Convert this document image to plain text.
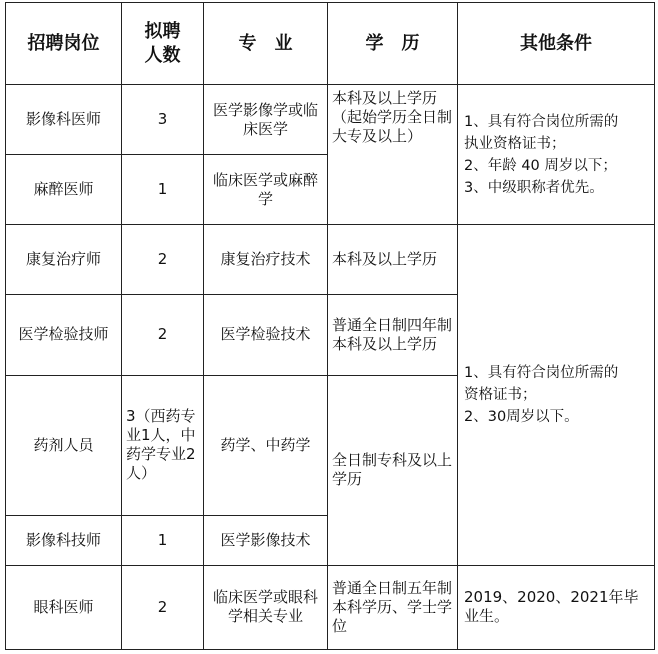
招聘岗位	拟聘人数	专　业	学　历	其他条件
影像科医师	3	医学影像学或临床医学	本科及以上学历（起始学历全日制大专及以上）	1、具有符合岗位所需的
执业资格证书；
2、年龄 40 周岁以下；
3、中级职称者优先。

麻醉医师	1	临床医学或麻醉学		
康复治疗师	2	康复治疗技术	本科及以上学历	1、具有符合岗位所需的
资格证书；
2、30周岁以下。

医学检验技师	2	医学检验技术	普通全日制四年制本科及以上学历	
药剂人员	3（西药专业1人，中药学专业2人）	药学、中药学	全日制专科及以上学历	
影像科技师	1	医学影像技术		
眼科医师	2	临床医学或眼科学相关专业	普通全日制五年制本科学历、学士学位	2019、2020、2021年毕业生。
